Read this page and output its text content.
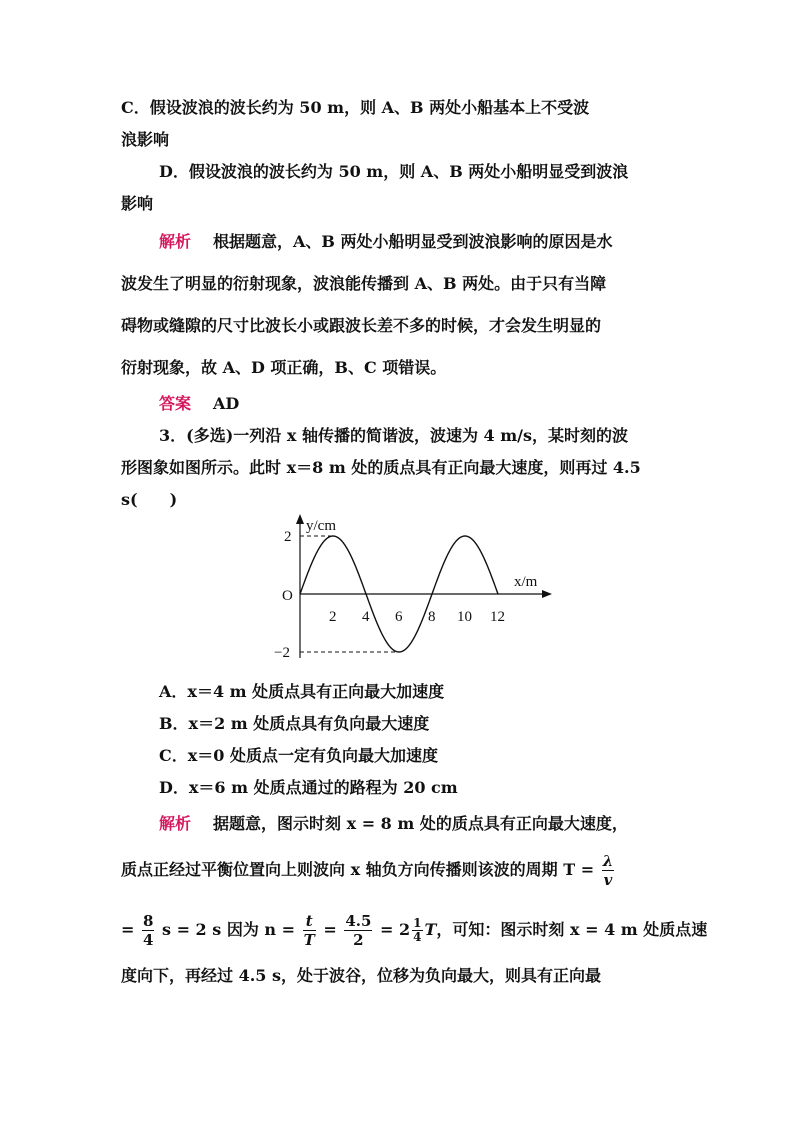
C．假设波浪的波长约为 50 m，则 A、B 两处小船基本上不受波
浪影响
D．假设波浪的波长约为 50 m，则 A、B 两处小船明显受到波浪
影响
解析 根据题意，A、B 两处小船明显受到波浪影响的原因是水
波发生了明显的衍射现象，波浪能传播到 A、B 两处。由于只有当障
碍物或缝隙的尺寸比波长小或跟波长差不多的时候，才会发生明显的
衍射现象，故 A、D 项正确，B、C 项错误。
答案 AD
3．(多选)一列沿 x 轴传播的简谐波，波速为 4 m/s，某时刻的波
形图象如图所示。此时 x＝8 m 处的质点具有正向最大速度，则再过 4.5
s(　　)
y/cm
x/m
O
2
−2
2 4 6 8 10 12
A．x＝4 m 处质点具有正向最大加速度
B．x＝2 m 处质点具有负向最大速度
C．x＝0 处质点一定有负向最大加速度
D．x＝6 m 处质点通过的路程为 20 cm
解析 据题意，图示时刻 x = 8 m 处的质点具有正向最大速度，
质点正经过平衡位置向上则波向 x 轴负方向传播则该波的周期 $T = \frac{\lambda}{v}$
= $\frac{8}{4}$ s = 2 s 因为 $n = \frac{t}{T} = \frac{4.5}{2} = 2 \frac{1}{4}$ T，可知：图示时刻 x = 4 m 处质点速
度向下，再经过 4.5 s，处于波谷，位移为负向最大，则具有正向最
